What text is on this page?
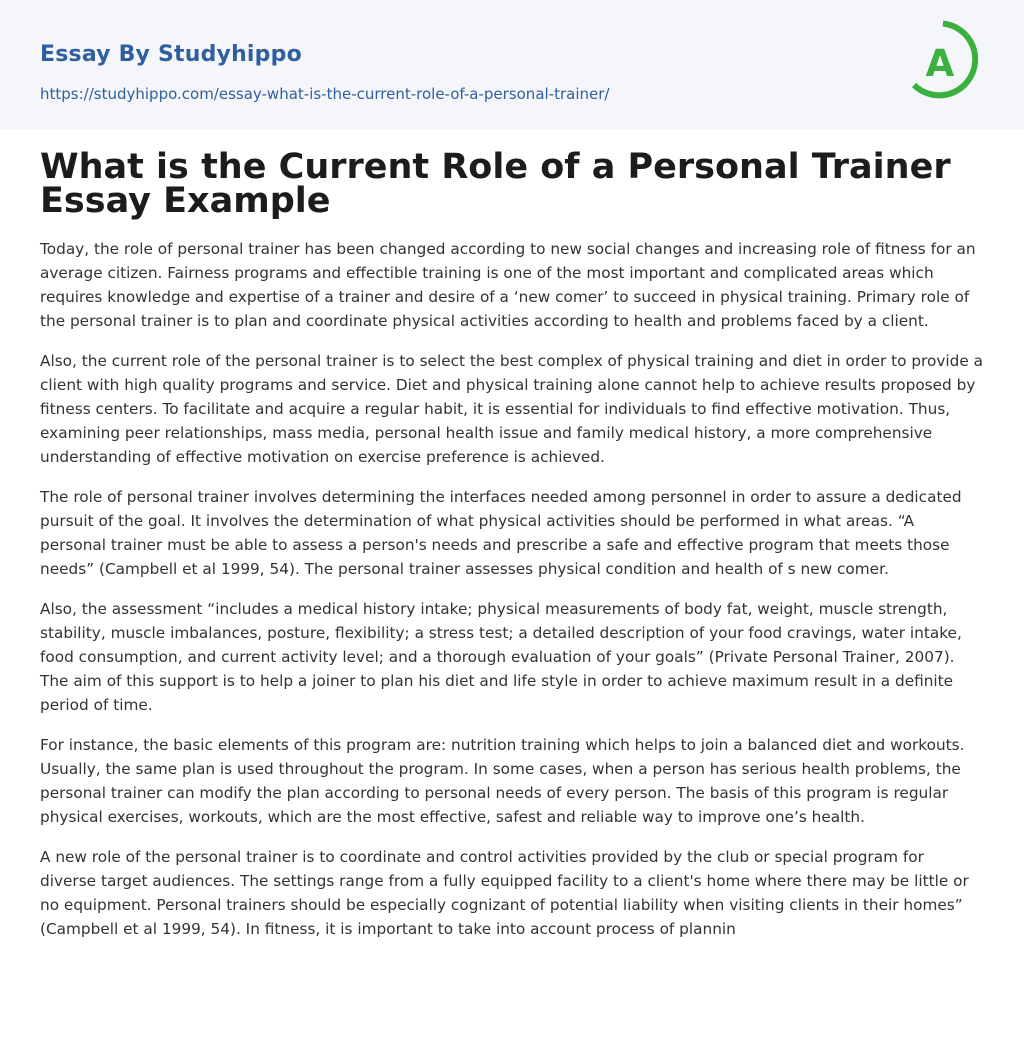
Essay By Studyhippo
https://studyhippo.com/essay-what-is-the-current-role-of-a-personal-trainer/
A
What is the Current Role of a Personal Trainer Essay Example

Today, the role of personal trainer has been changed according to new social changes and increasing role of fitness for an average citizen. Fairness programs and effectible training is one of the most important and complicated areas which requires knowledge and expertise of a trainer and desire of a ‘new comer’ to succeed in physical training. Primary role of the personal trainer is to plan and coordinate physical activities according to health and problems faced by a client.

Also, the current role of the personal trainer is to select the best complex of physical training and diet in order to provide a client with high quality programs and service. Diet and physical training alone cannot help to achieve results proposed by fitness centers. To facilitate and acquire a regular habit, it is essential for individuals to find effective motivation. Thus, examining peer relationships, mass media, personal health issue and family medical history, a more comprehensive understanding of effective motivation on exercise preference is achieved.

The role of personal trainer involves determining the interfaces needed among personnel in order to assure a dedicated pursuit of the goal. It involves the determination of what physical activities should be performed in what areas. “A personal trainer must be able to assess a person's needs and prescribe a safe and effective program that meets those needs” (Campbell et al 1999, 54). The personal trainer assesses physical condition and health of s new comer.

Also, the assessment “includes a medical history intake; physical measurements of body fat, weight, muscle strength, stability, muscle imbalances, posture, flexibility; a stress test; a detailed description of your food cravings, water intake, food consumption, and current activity level; and a thorough evaluation of your goals” (Private Personal Trainer, 2007). The aim of this support is to help a joiner to plan his diet and life style in order to achieve maximum result in a definite period of time.

For instance, the basic elements of this program are: nutrition training which helps to join a balanced diet and workouts. Usually, the same plan is used throughout the program. In some cases, when a person has serious health problems, the personal trainer can modify the plan according to personal needs of every person. The basis of this program is regular physical exercises, workouts, which are the most effective, safest and reliable way to improve one’s health.

A new role of the personal trainer is to coordinate and control activities provided by the club or special program for diverse target audiences. The settings range from a fully equipped facility to a client's home where there may be little or no equipment. Personal trainers should be especially cognizant of potential liability when visiting clients in their homes” (Campbell et al 1999, 54). In fitness, it is important to take into account process of plannin
